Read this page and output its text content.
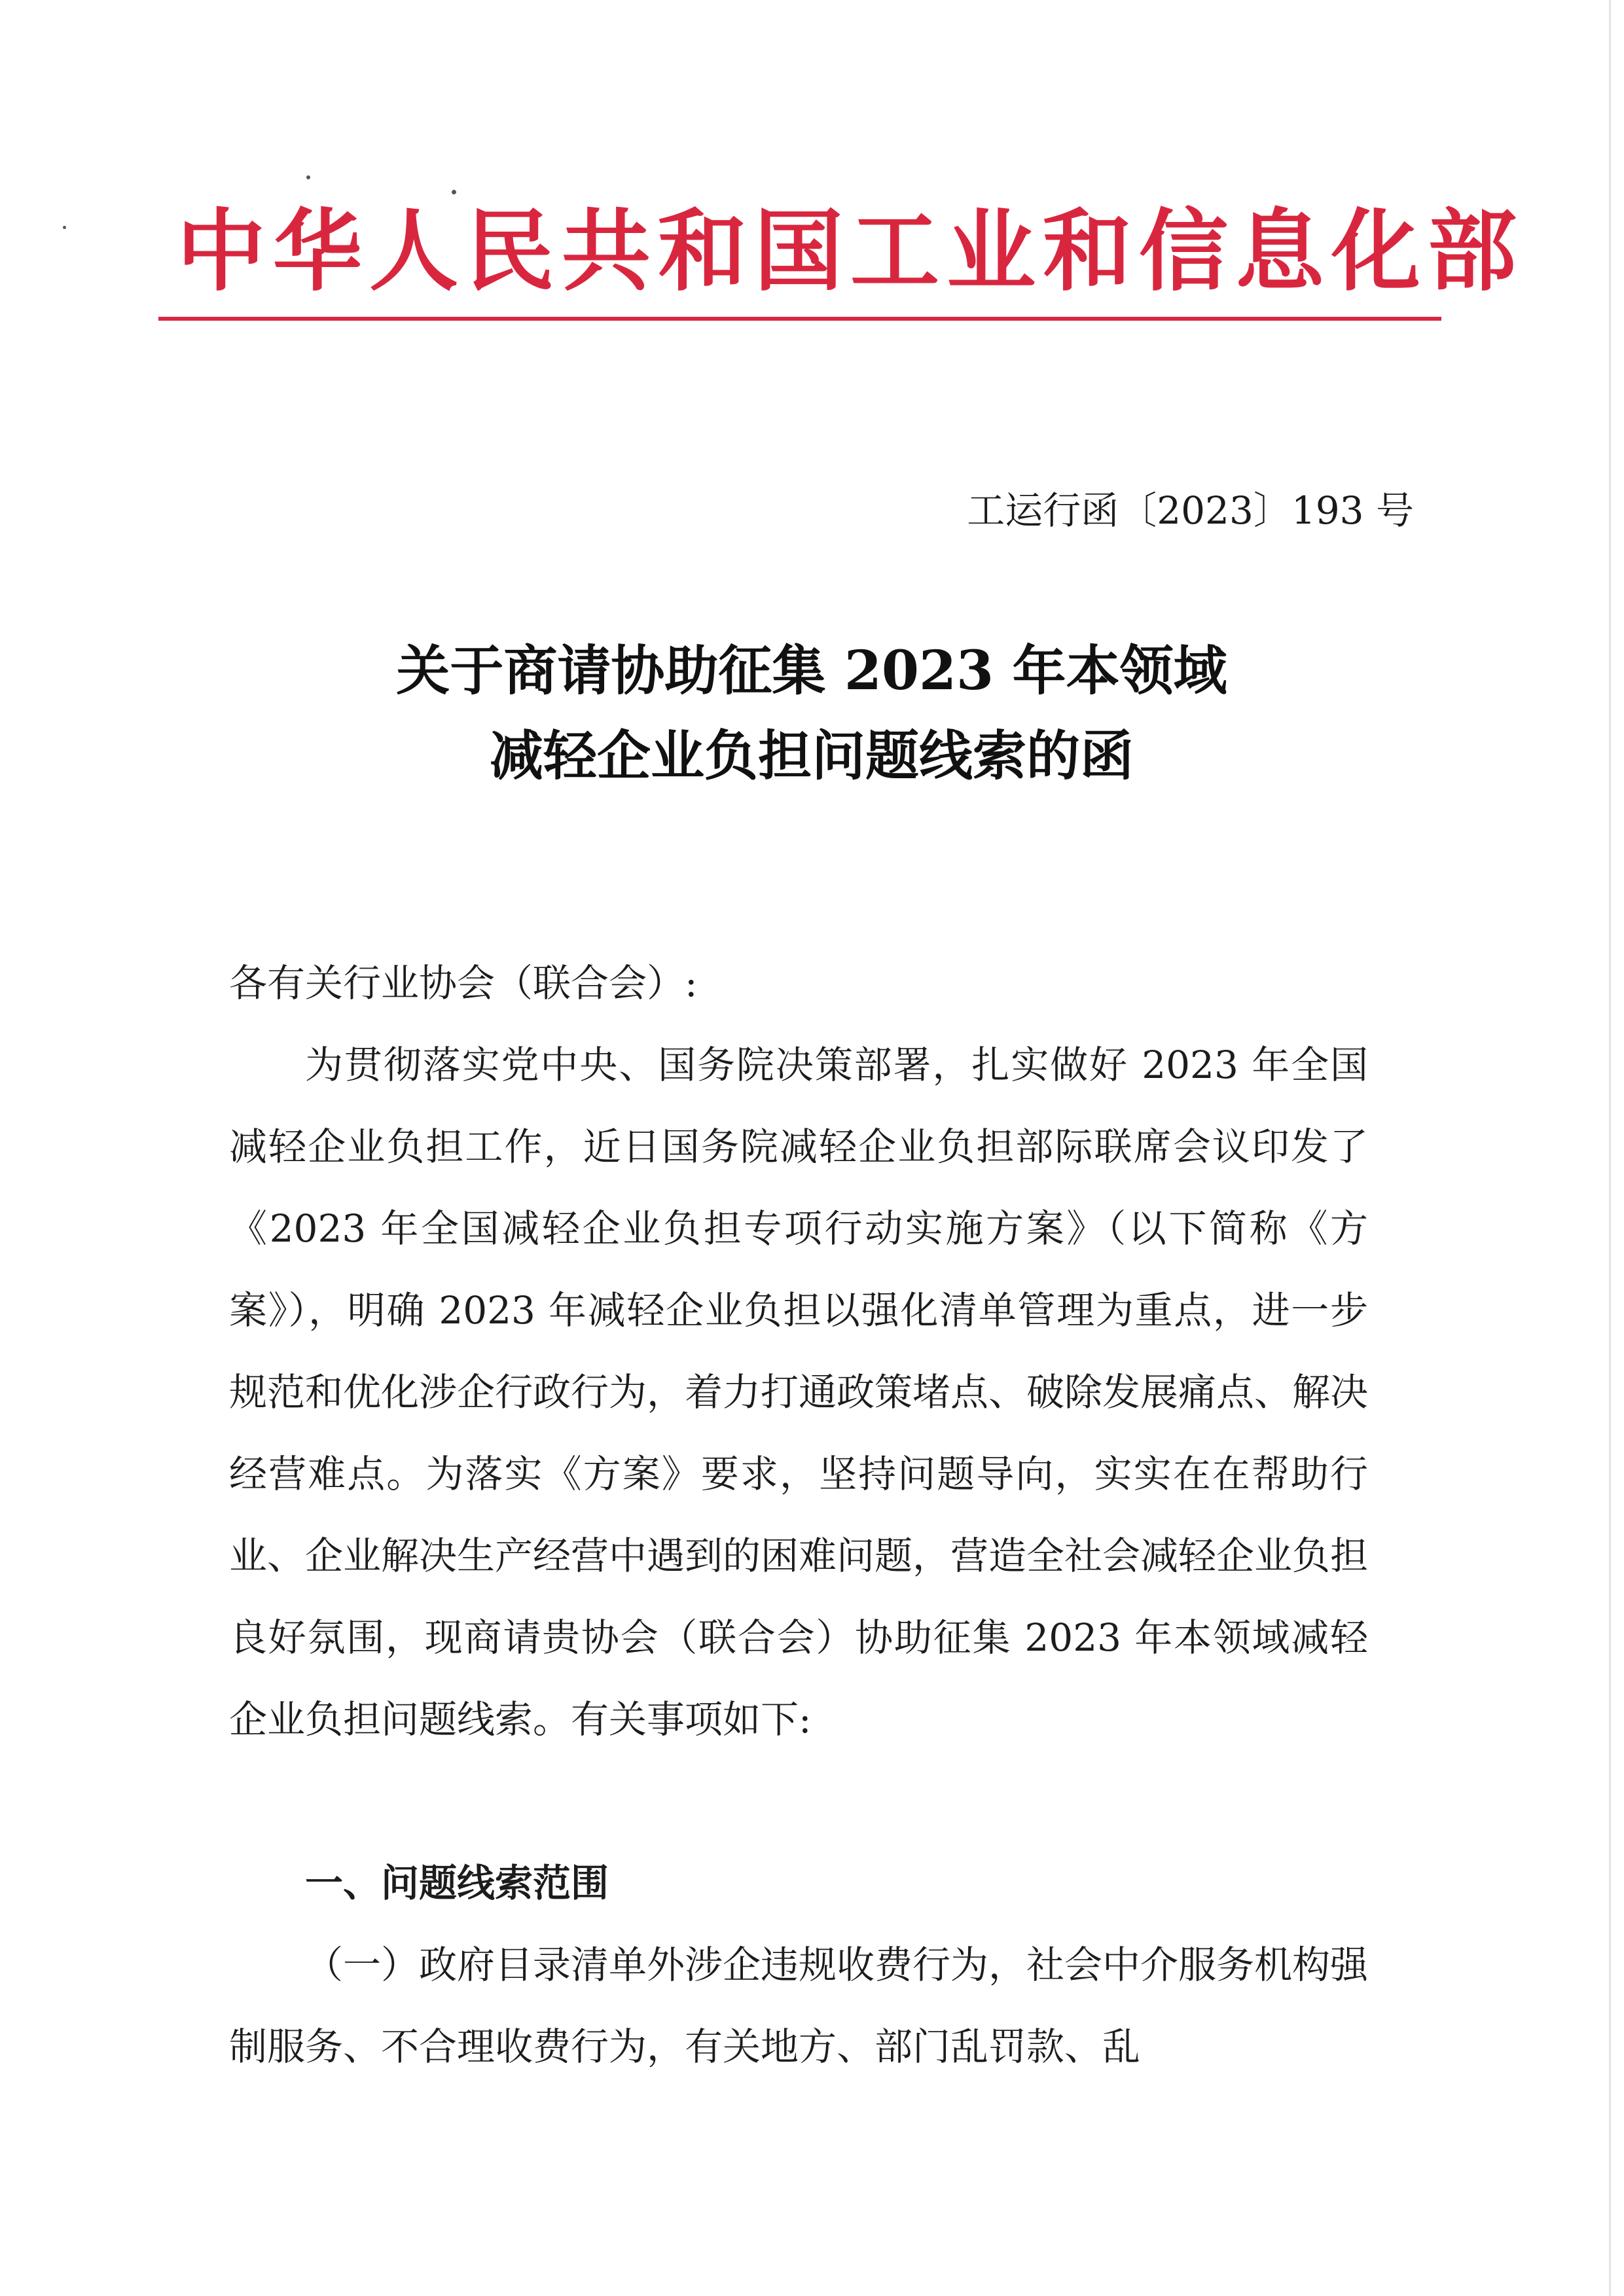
中华人民共和国工业和信息化部
工运行函〔2023〕193 号
关于商请协助征集 2023 年本领域
减轻企业负担问题线索的函
各有关行业协会（联合会）:

为贯彻落实党中央、国务院决策部署，扎实做好 2023 年全国减轻企业负担工作，近日国务院减轻企业负担部际联席会议印发了《2023 年全国减轻企业负担专项行动实施方案》（以下简称《方案》），明确 2023 年减轻企业负担以强化清单管理为重点，进一步规范和优化涉企行政行为，着力打通政策堵点、破除发展痛点、解决经营难点。为落实《方案》要求，坚持问题导向，实实在在帮助行业、企业解决生产经营中遇到的困难问题，营造全社会减轻企业负担良好氛围，现商请贵协会（联合会）协助征集 2023 年本领域减轻企业负担问题线索。有关事项如下:

一、问题线索范围

（一）政府目录清单外涉企违规收费行为，社会中介服务机构强制服务、不合理收费行为，有关地方、部门乱罚款、乱
